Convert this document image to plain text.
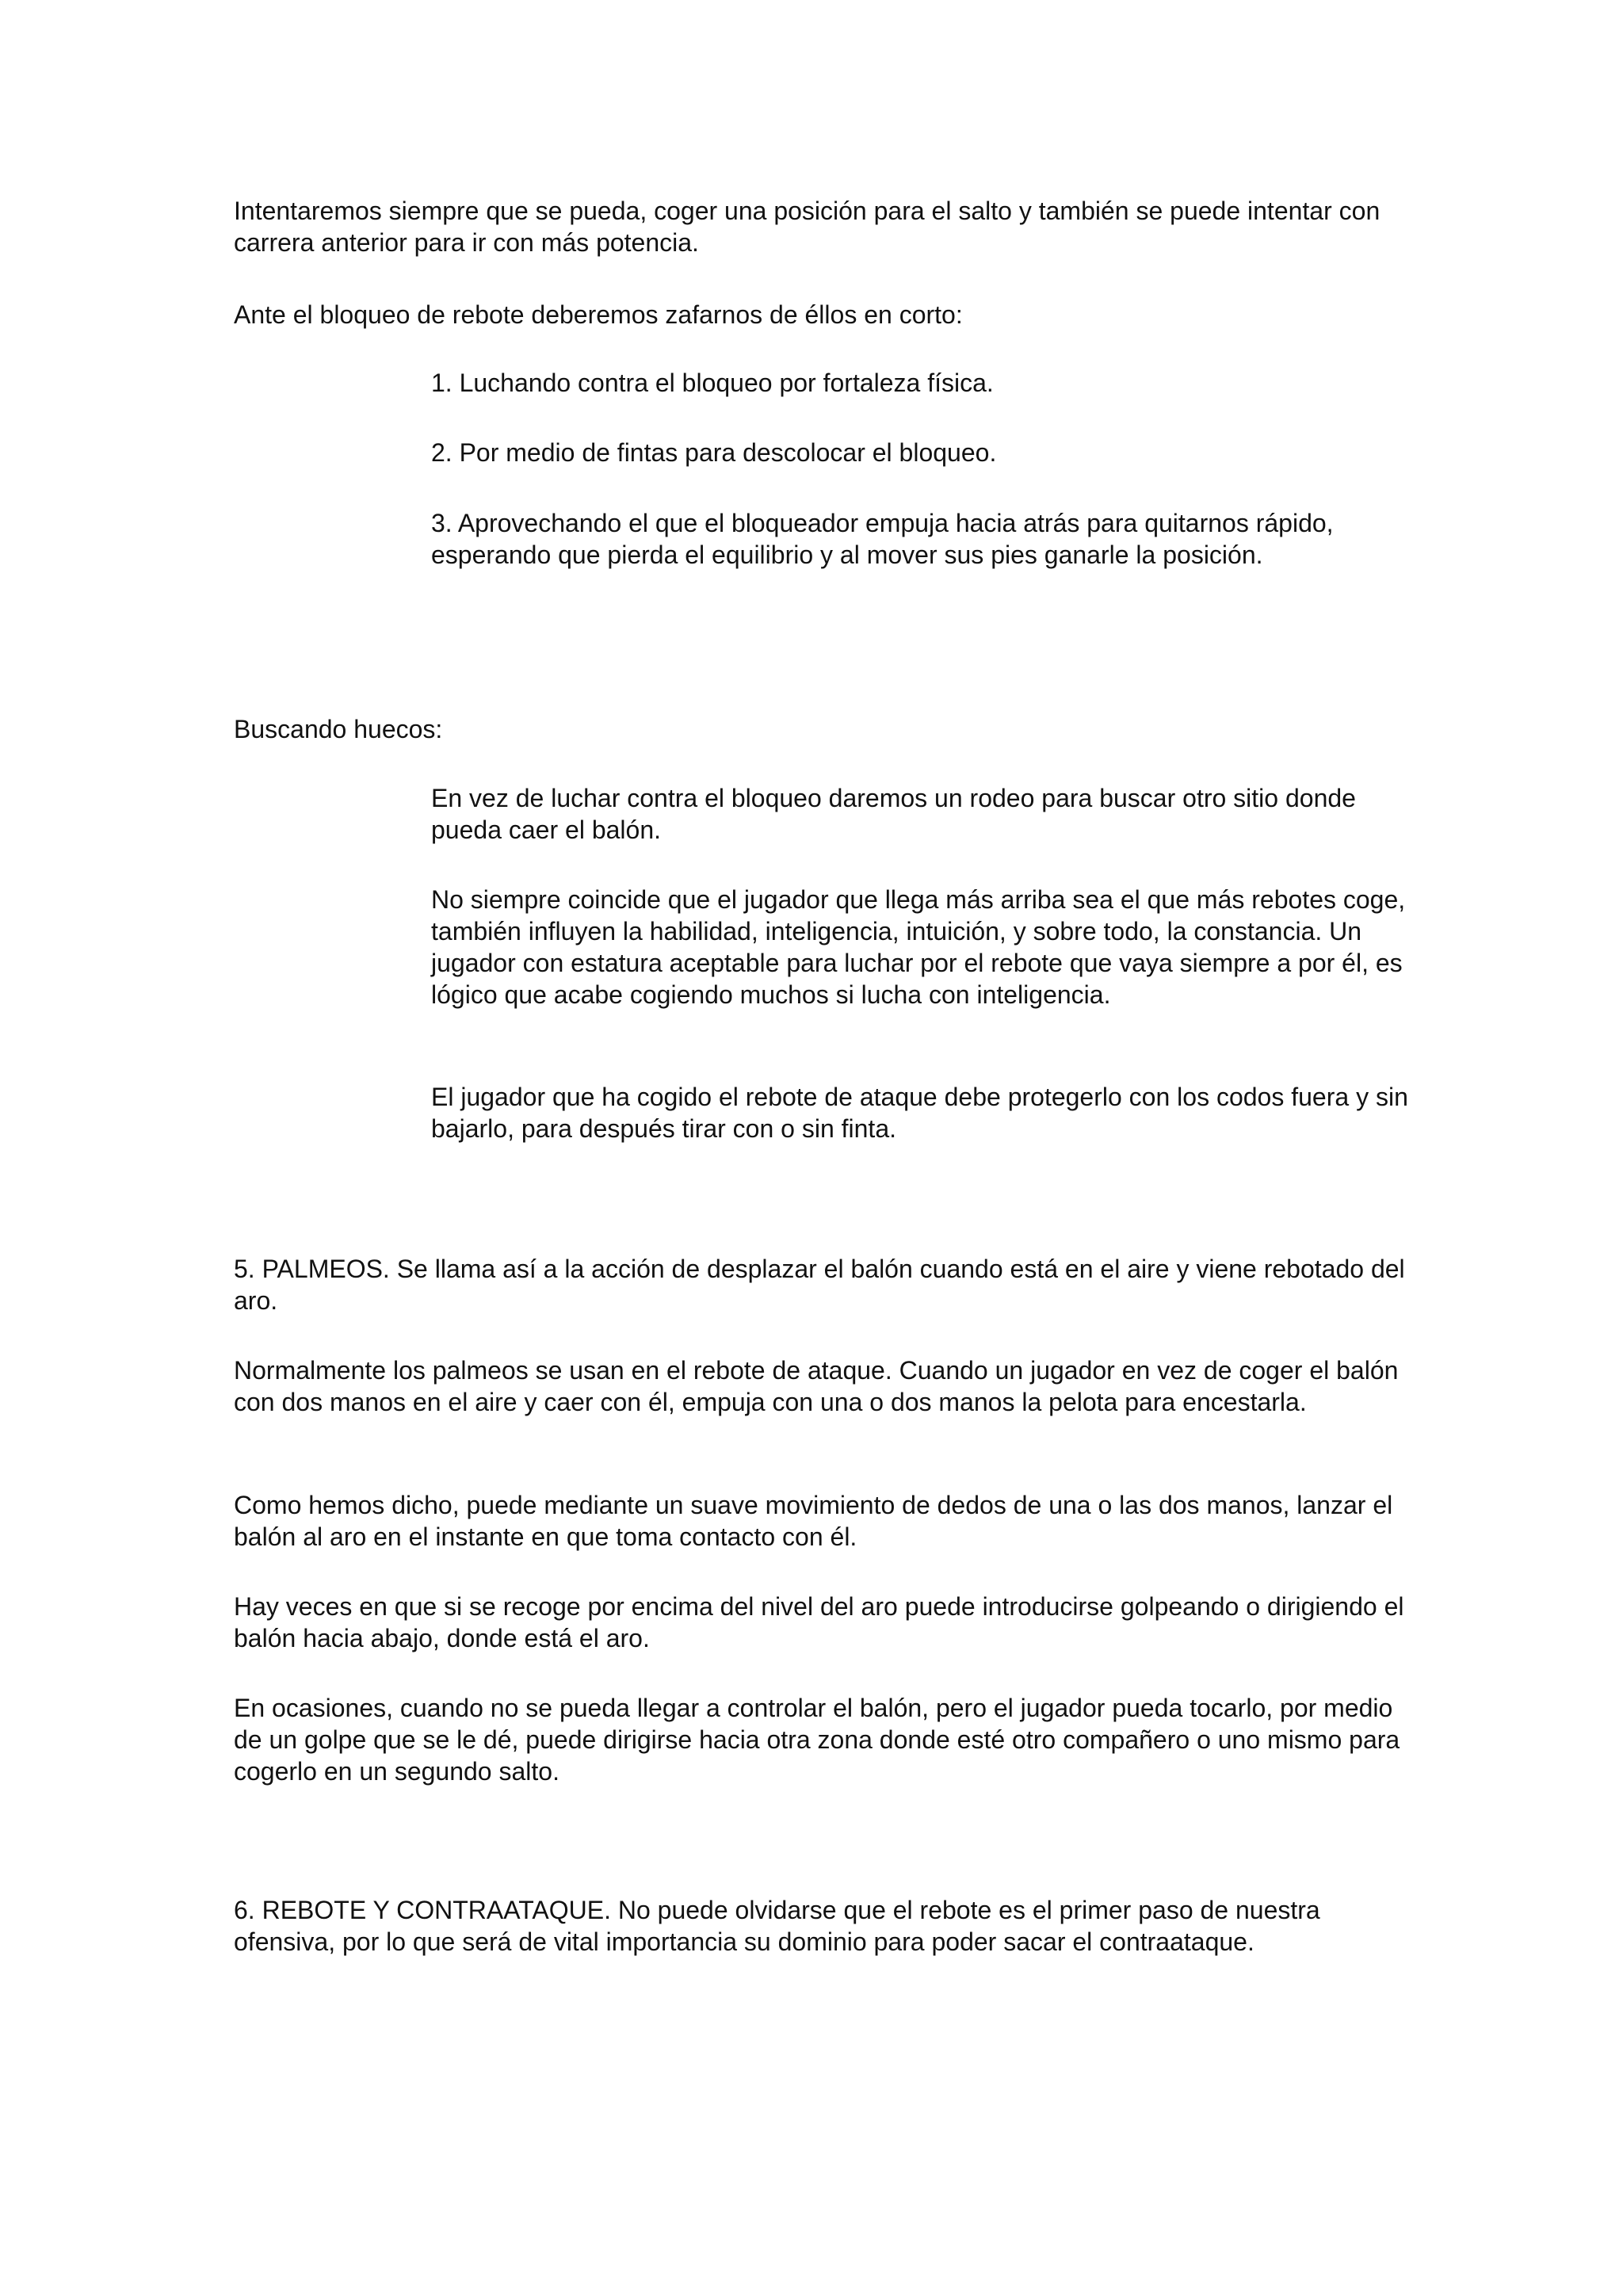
Intentaremos siempre que se pueda, coger una posición para el salto y también se puede intentar con carrera anterior para ir con más potencia.

Ante el bloqueo de rebote deberemos zafarnos de éllos en corto:

1. Luchando contra el bloqueo por fortaleza física.

2. Por medio de fintas para descolocar el bloqueo.

3. Aprovechando el que el bloqueador empuja hacia atrás para quitarnos rápido, esperando que pierda el equilibrio y al mover sus pies ganarle la posición.

Buscando huecos:

En vez de luchar contra el bloqueo daremos un rodeo para buscar otro sitio donde pueda caer el balón.

No siempre coincide que el jugador que llega más arriba sea el que más rebotes coge, también influyen la habilidad, inteligencia, intuición, y sobre todo, la constancia. Un jugador con estatura aceptable para luchar por el rebote que vaya siempre a por él, es lógico que acabe cogiendo muchos si lucha con inteligencia.

El jugador que ha cogido el rebote de ataque debe protegerlo con los codos fuera y sin bajarlo, para después tirar con o sin finta.

5. PALMEOS. Se llama así a la acción de desplazar el balón cuando está en el aire y viene rebotado del aro.

Normalmente los palmeos se usan en el rebote de ataque. Cuando un jugador en vez de coger el balón con dos manos en el aire y caer con él, empuja con una o dos manos la pelota para encestarla.

Como hemos dicho, puede mediante un suave movimiento de dedos de una o las dos manos, lanzar el balón al aro en el instante en que toma contacto con él.

Hay veces en que si se recoge por encima del nivel del aro puede introducirse golpeando o dirigiendo el balón hacia abajo, donde está el aro.

En ocasiones, cuando no se pueda llegar a controlar el balón, pero el jugador pueda tocarlo, por medio de un golpe que se le dé, puede dirigirse hacia otra zona donde esté otro compañero o uno mismo para cogerlo en un segundo salto.

6. REBOTE Y CONTRAATAQUE. No puede olvidarse que el rebote es el primer paso de nuestra ofensiva, por lo que será de vital importancia su dominio para poder sacar el contraataque.
